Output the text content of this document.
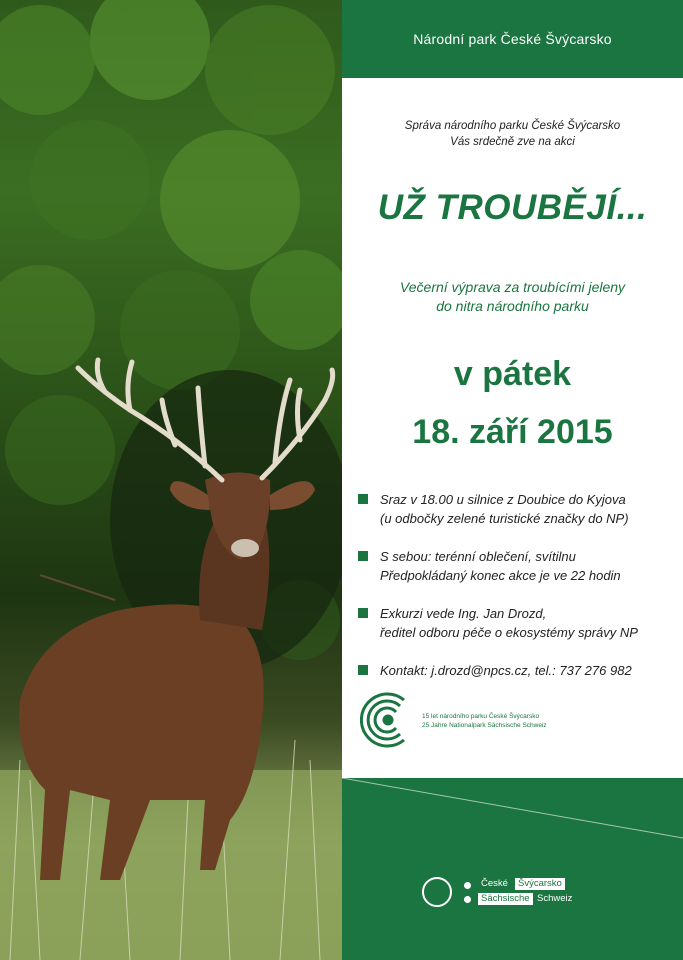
Národní park České Švýcarsko
Správa národního parku České Švýcarsko
Vás srdečně zve na akci
UŽ TROUBĚJÍ...
Večerní výprava za troubícími jeleny
do nitra národního parku
v pátek
18. září 2015
Sraz v 18.00 u silnice z Doubice do Kyjova
(u odbočky zelené turistické značky do NP)
S sebou: terénní oblečení, svítilnu
Předpokládaný konec akce je ve 22 hodin
Exkurzi vede Ing. Jan Drozd,
ředitel odboru péče o ekosystémy správy NP
Kontakt: j.drozd@npcs.cz, tel.: 737 276 982
15 let národního parku České Švýcarsko
25 Jahre Nationalpark Sächsische Schweiz
České	Švýcarsko
Sächsische Schweiz
